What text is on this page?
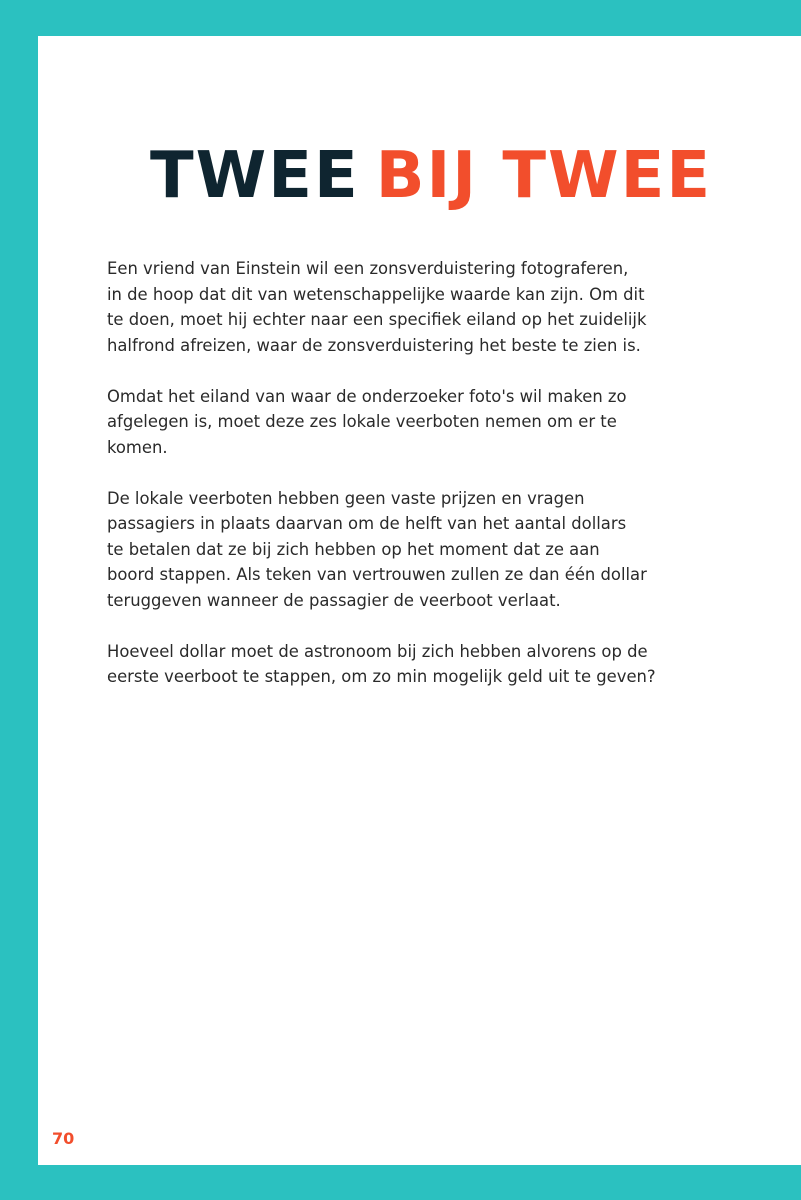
TWEE BIJ TWEE

Een vriend van Einstein wil een zonsverduistering fotograferen,
in de hoop dat dit van wetenschappelijke waarde kan zijn. Om dit
te doen, moet hij echter naar een specifiek eiland op het zuidelijk
halfrond afreizen, waar de zonsverduistering het beste te zien is.

Omdat het eiland van waar de onderzoeker foto's wil maken zo
afgelegen is, moet deze zes lokale veerboten nemen om er te
komen.

De lokale veerboten hebben geen vaste prijzen en vragen
passagiers in plaats daarvan om de helft van het aantal dollars
te betalen dat ze bij zich hebben op het moment dat ze aan
boord stappen. Als teken van vertrouwen zullen ze dan één dollar
teruggeven wanneer de passagier de veerboot verlaat.

Hoeveel dollar moet de astronoom bij zich hebben alvorens op de
eerste veerboot te stappen, om zo min mogelijk geld uit te geven?

70
